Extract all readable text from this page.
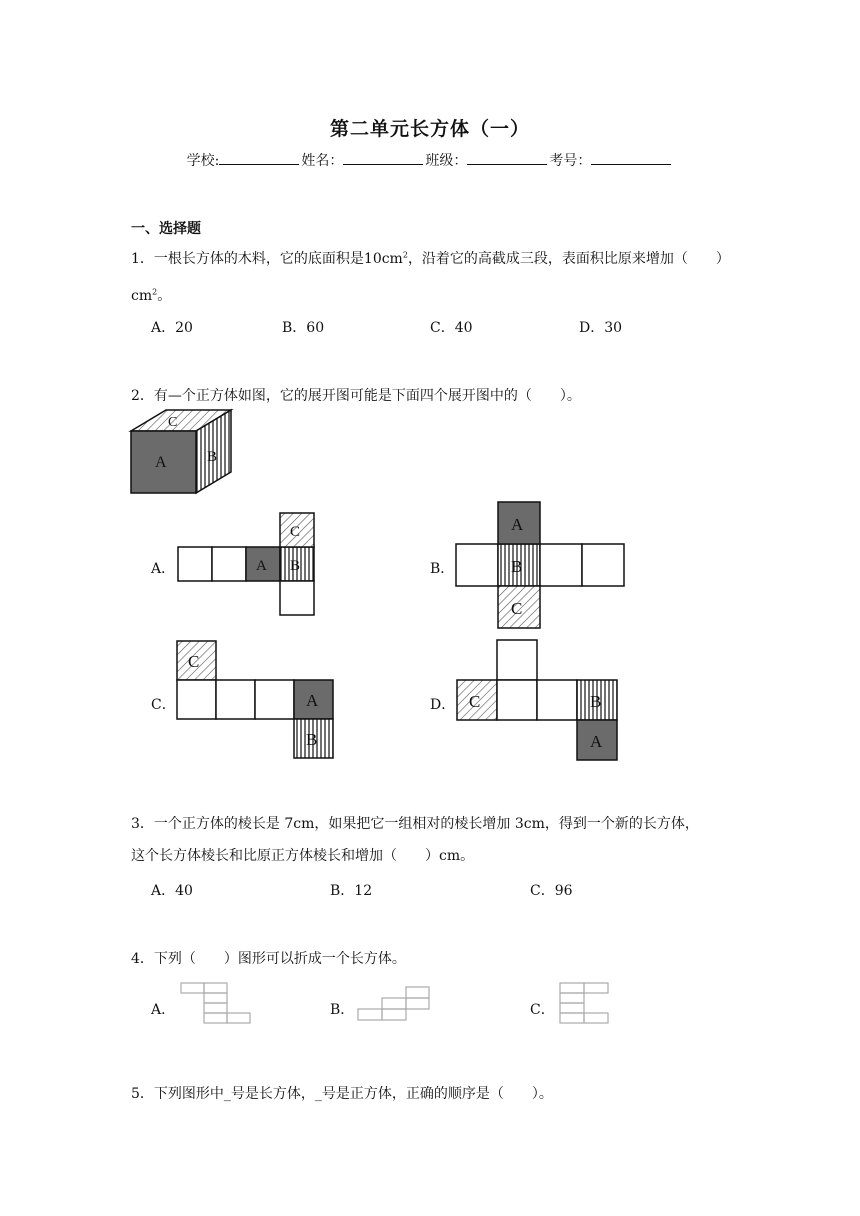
第二单元长方体（一）
学校:	姓名：	班级：	考号：
一、选择题
1．一根长方体的木料，它的底面积是$10cm^2$，沿着它的高截成三段，表面积比原来增加（　　）
$cm^2$。
A．20	B．60	C．40	D．30
2．有—个正方体如图，它的展开图可能是下面四个展开图中的（　　）。
A	B
C
A B
C	A
B
C
C
A
B
C	B
A
A．	B．
C．	D．
3．一个正方体的棱长是 7cm，如果把它一组相对的棱长增加 3cm，得到一个新的长方体，
这个长方体棱长和比原正方体棱长和增加（　　）cm。
A．40	B．12	C．96
4．下列（　　）图形可以折成一个长方体。
A．	B．	C．
5．下列图形中_号是长方体，_号是正方体，正确的顺序是（　　）。
